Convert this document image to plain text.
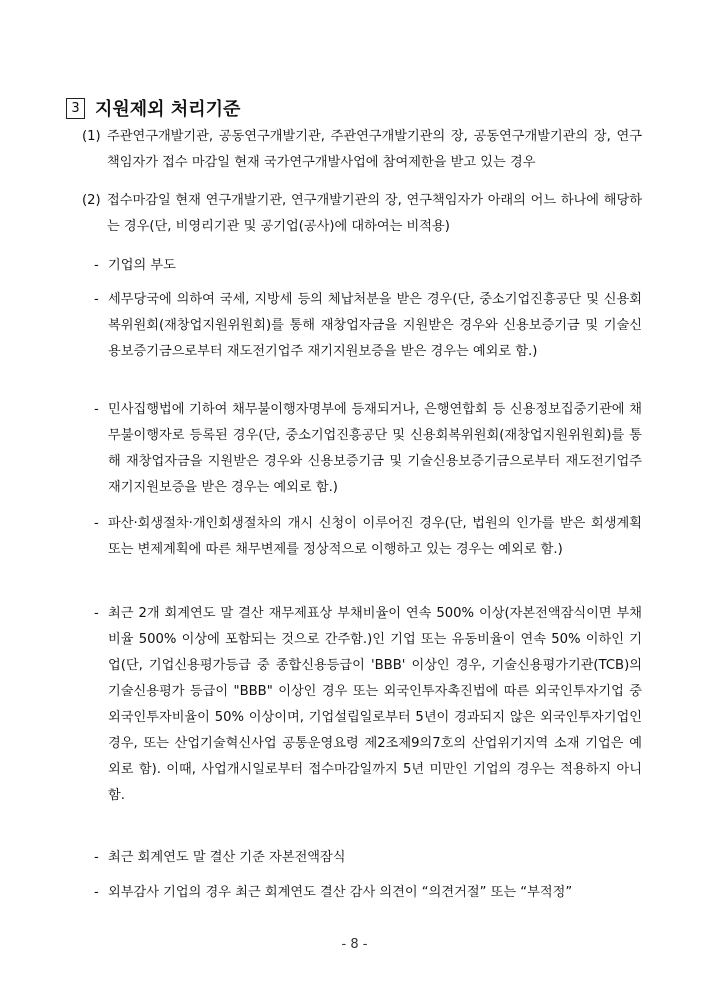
3 지원제외 처리기준
(1) 주관연구개발기관, 공동연구개발기관, 주관연구개발기관의 장, 공동연구개발기관의 장, 연구책임자가 접수 마감일 현재 국가연구개발사업에 참여제한을 받고 있는 경우
(2) 접수마감일 현재 연구개발기관, 연구개발기관의 장, 연구책임자가 아래의 어느 하나에 해당하는 경우(단, 비영리기관 및 공기업(공사)에 대하여는 비적용)
- 기업의 부도
- 세무당국에 의하여 국세, 지방세 등의 체납처분을 받은 경우(단, 중소기업진흥공단 및 신용회복위원회(재창업지원위원회)를 통해 재창업자금을 지원받은 경우와 신용보증기금 및 기술신용보증기금으로부터 재도전기업주 재기지원보증을 받은 경우는 예외로 함.)
- 민사집행법에 기하여 채무불이행자명부에 등재되거나, 은행연합회 등 신용정보집중기관에 채무불이행자로 등록된 경우(단, 중소기업진흥공단 및 신용회복위원회(재창업지원위원회)를 통해 재창업자금을 지원받은 경우와 신용보증기금 및 기술신용보증기금으로부터 재도전기업주 재기지원보증을 받은 경우는 예외로 함.)
- 파산·회생절차·개인회생절차의 개시 신청이 이루어진 경우(단, 법원의 인가를 받은 회생계획 또는 변제계획에 따른 채무변제를 정상적으로 이행하고 있는 경우는 예외로 함.)
- 최근 2개 회계연도 말 결산 재무제표상 부채비율이 연속 500% 이상(자본전액잠식이면 부채비율 500% 이상에 포함되는 것으로 간주함.)인 기업 또는 유동비율이 연속 50% 이하인 기업(단, 기업신용평가등급 중 종합신용등급이 'BBB' 이상인 경우, 기술신용평가기관(TCB)의 기술신용평가 등급이 "BBB" 이상인 경우 또는 외국인투자촉진법에 따른 외국인투자기업 중 외국인투자비율이 50% 이상이며, 기업설립일로부터 5년이 경과되지 않은 외국인투자기업인 경우, 또는 산업기술혁신사업 공통운영요령 제2조제9의7호의 산업위기지역 소재 기업은 예외로 함). 이때, 사업개시일로부터 접수마감일까지 5년 미만인 기업의 경우는 적용하지 아니함.
- 최근 회계연도 말 결산 기준 자본전액잠식
- 외부감사 기업의 경우 최근 회계연도 결산 감사 의견이 “의견거절” 또는 “부적정”
- 8 -
